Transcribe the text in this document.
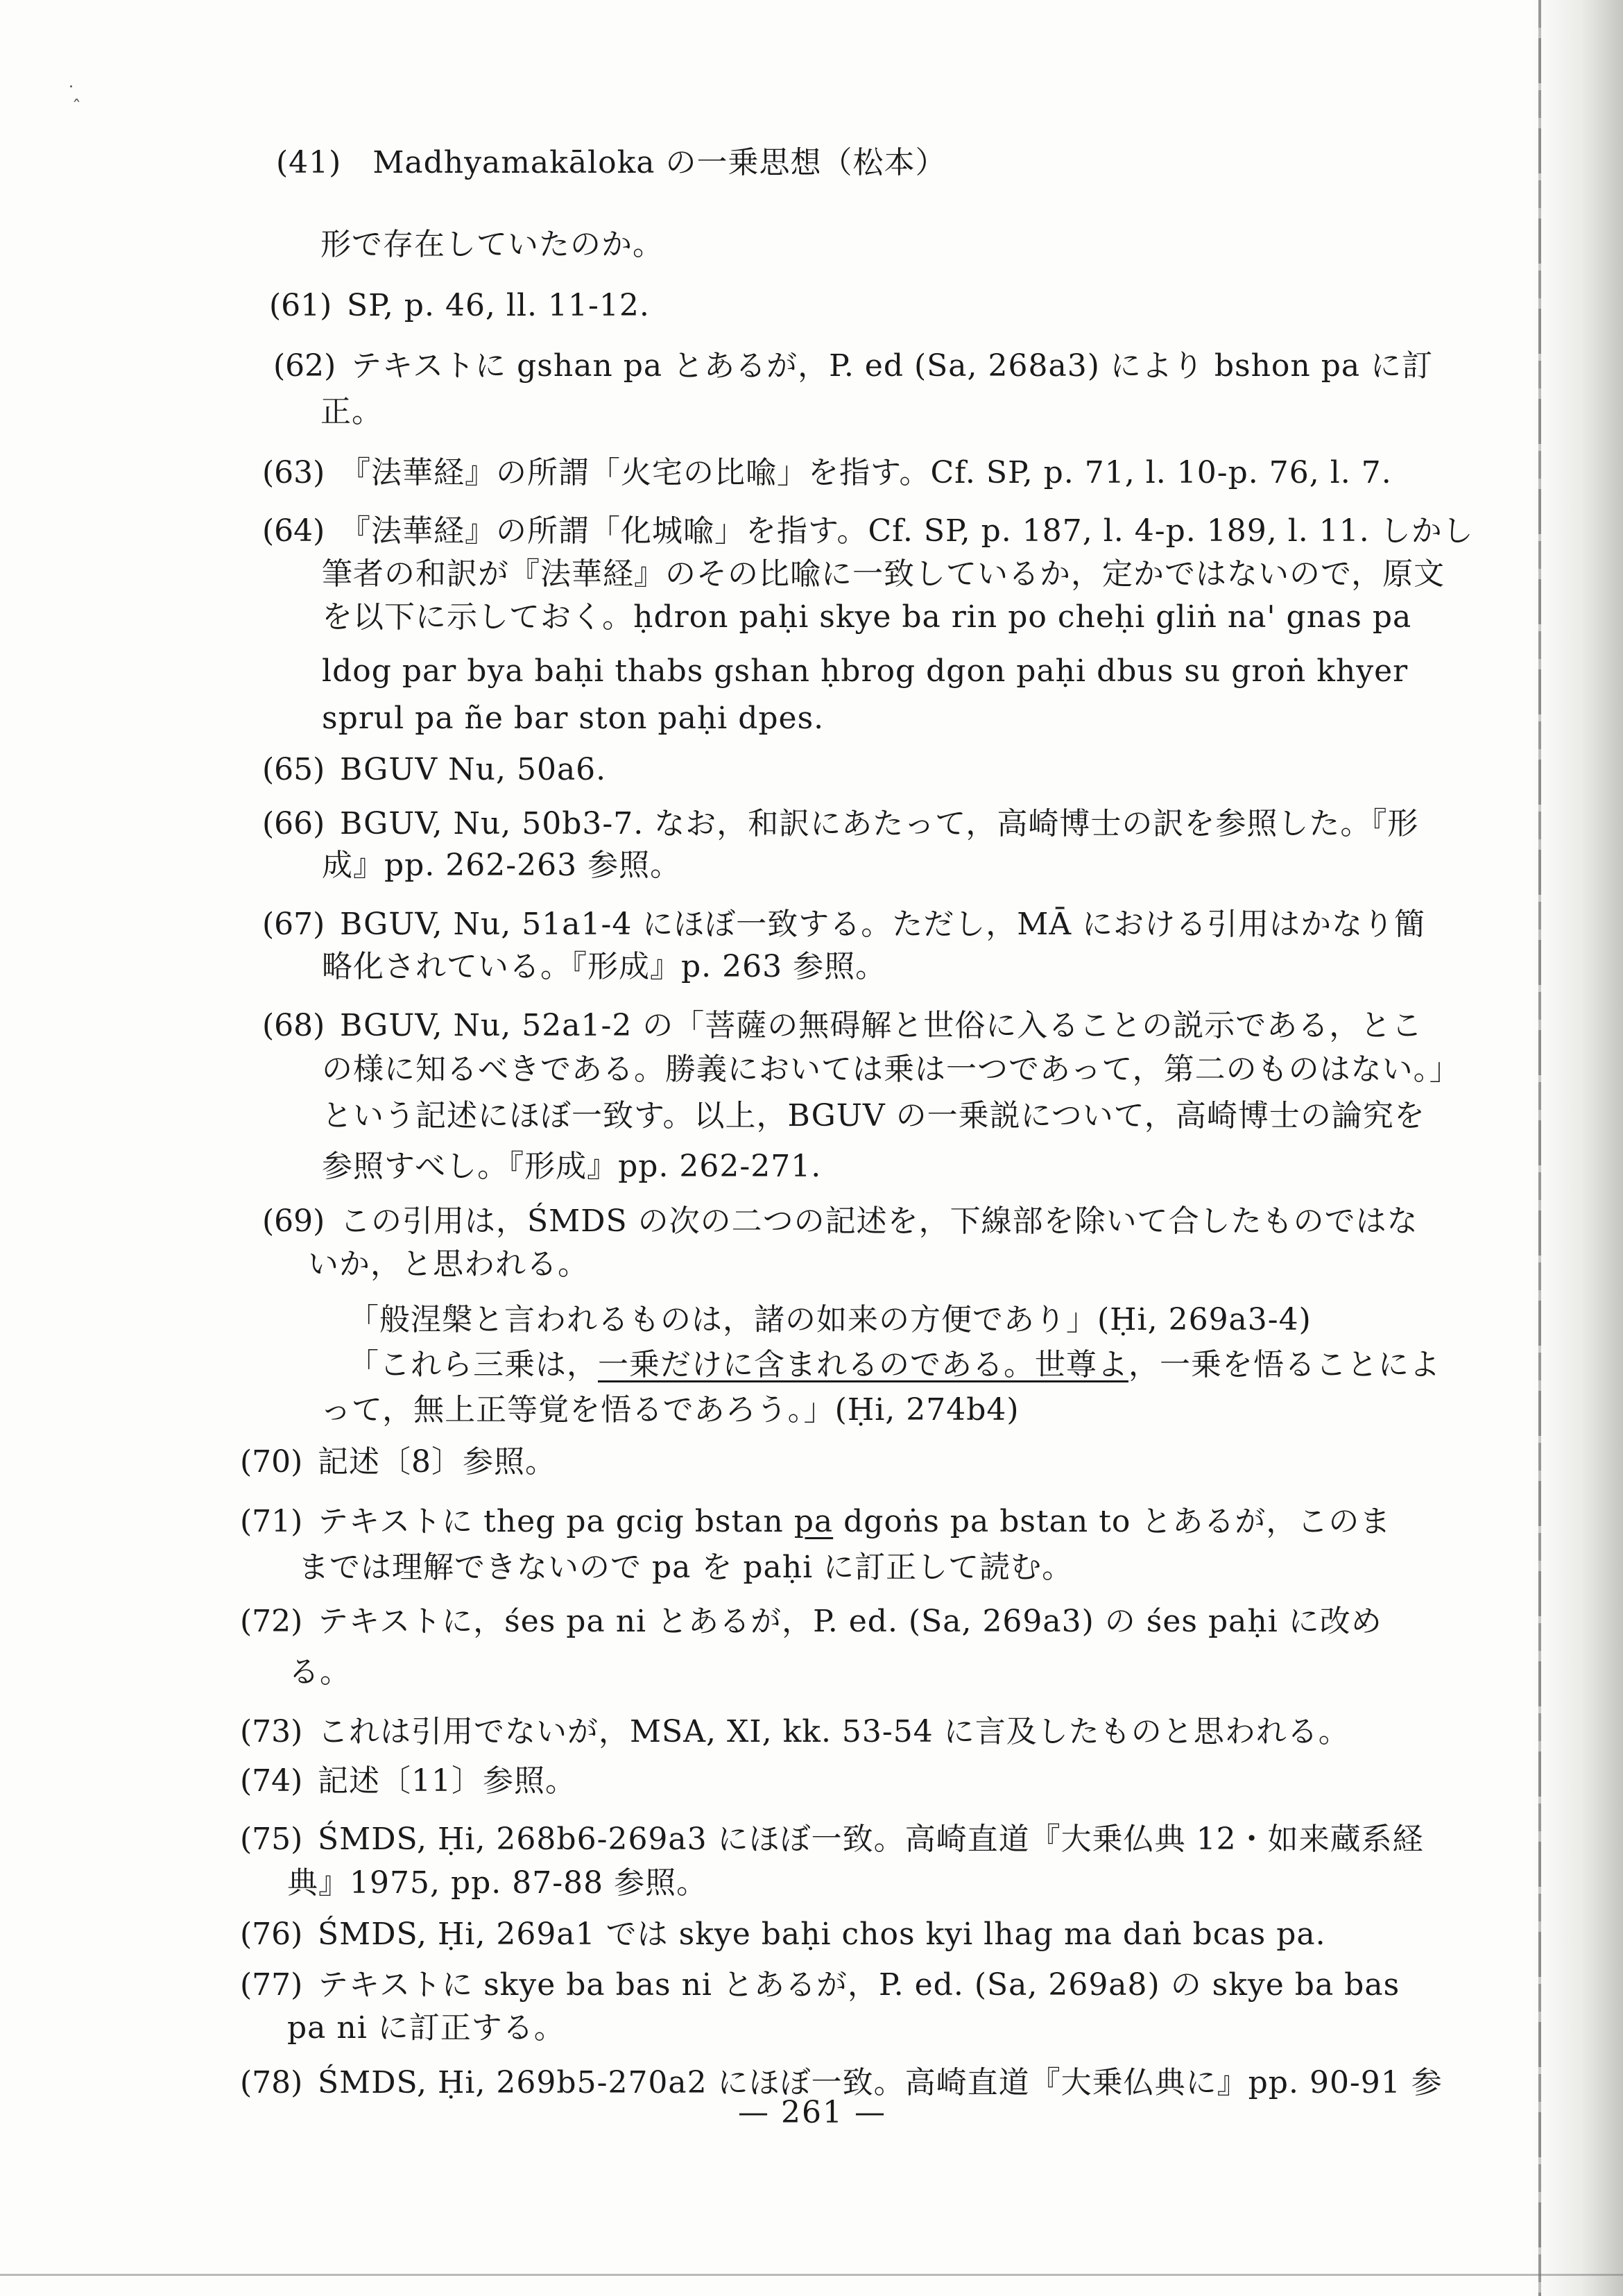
˙
ˆ
(41)　Madhyamakāloka の一乗思想（松本）
形で存在していたのか。
(61) SP, p. 46, ll. 11-12.
(62) テキストに gshan pa とあるが，P. ed (Sa, 268a3) により bshon pa に訂
正。
(63) 『法華経』の所謂「火宅の比喩」を指す。Cf. SP, p. 71, l. 10-p. 76, l. 7.
(64) 『法華経』の所謂「化城喩」を指す。Cf. SP, p. 187, l. 4-p. 189, l. 11. しかし
筆者の和訳が『法華経』のその比喩に一致しているか，定かではないので，原文
を以下に示しておく。ḥdron paḥi skye ba rin po cheḥi gliṅ na' gnas pa
ldog par bya baḥi thabs gshan ḥbrog dgon paḥi dbus su groṅ khyer
sprul pa ñe bar ston paḥi dpes.
(65) BGUV Nu, 50a6.
(66) BGUV, Nu, 50b3-7. なお，和訳にあたって，高崎博士の訳を参照した。『形
成』pp. 262-263 参照。
(67) BGUV, Nu, 51a1-4 にほぼ一致する。ただし，MĀ における引用はかなり簡
略化されている。『形成』p. 263 参照。
(68) BGUV, Nu, 52a1-2 の「菩薩の無碍解と世俗に入ることの説示である，とこ
の様に知るべきである。勝義においては乗は一つであって，第二のものはない。」
という記述にほぼ一致す。以上，BGUV の一乗説について，高崎博士の論究を
参照すべし。『形成』pp. 262-271.
(69) この引用は，ŚMDS の次の二つの記述を，下線部を除いて合したものではな
いか，と思われる。
「般涅槃と言われるものは，諸の如来の方便であり」(Ḥi, 269a3-4)
「これら三乗は，一乗だけに含まれるのである。世尊よ，一乗を悟ることによ
って，無上正等覚を悟るであろう。」(Ḥi, 274b4)
(70) 記述〔8〕参照。
(71) テキストに theg pa gcig bstan pa dgoṅs pa bstan to とあるが，このま
までは理解できないので pa を paḥi に訂正して読む。
(72) テキストに，śes pa ni とあるが，P. ed. (Sa, 269a3) の śes paḥi に改め
る。
(73) これは引用でないが，MSA, XI, kk. 53-54 に言及したものと思われる。
(74) 記述〔11〕参照。
(75) ŚMDS, Ḥi, 268b6-269a3 にほぼ一致。高崎直道『大乗仏典 12・如来蔵系経
典』1975, pp. 87-88 参照。
(76) ŚMDS, Ḥi, 269a1 では skye baḥi chos kyi lhag ma daṅ bcas pa.
(77) テキストに skye ba bas ni とあるが，P. ed. (Sa, 269a8) の skye ba bas
pa ni に訂正する。
(78) ŚMDS, Ḥi, 269b5-270a2 にほぼ一致。高崎直道『大乗仏典に』pp. 90-91 参
— 261 —
